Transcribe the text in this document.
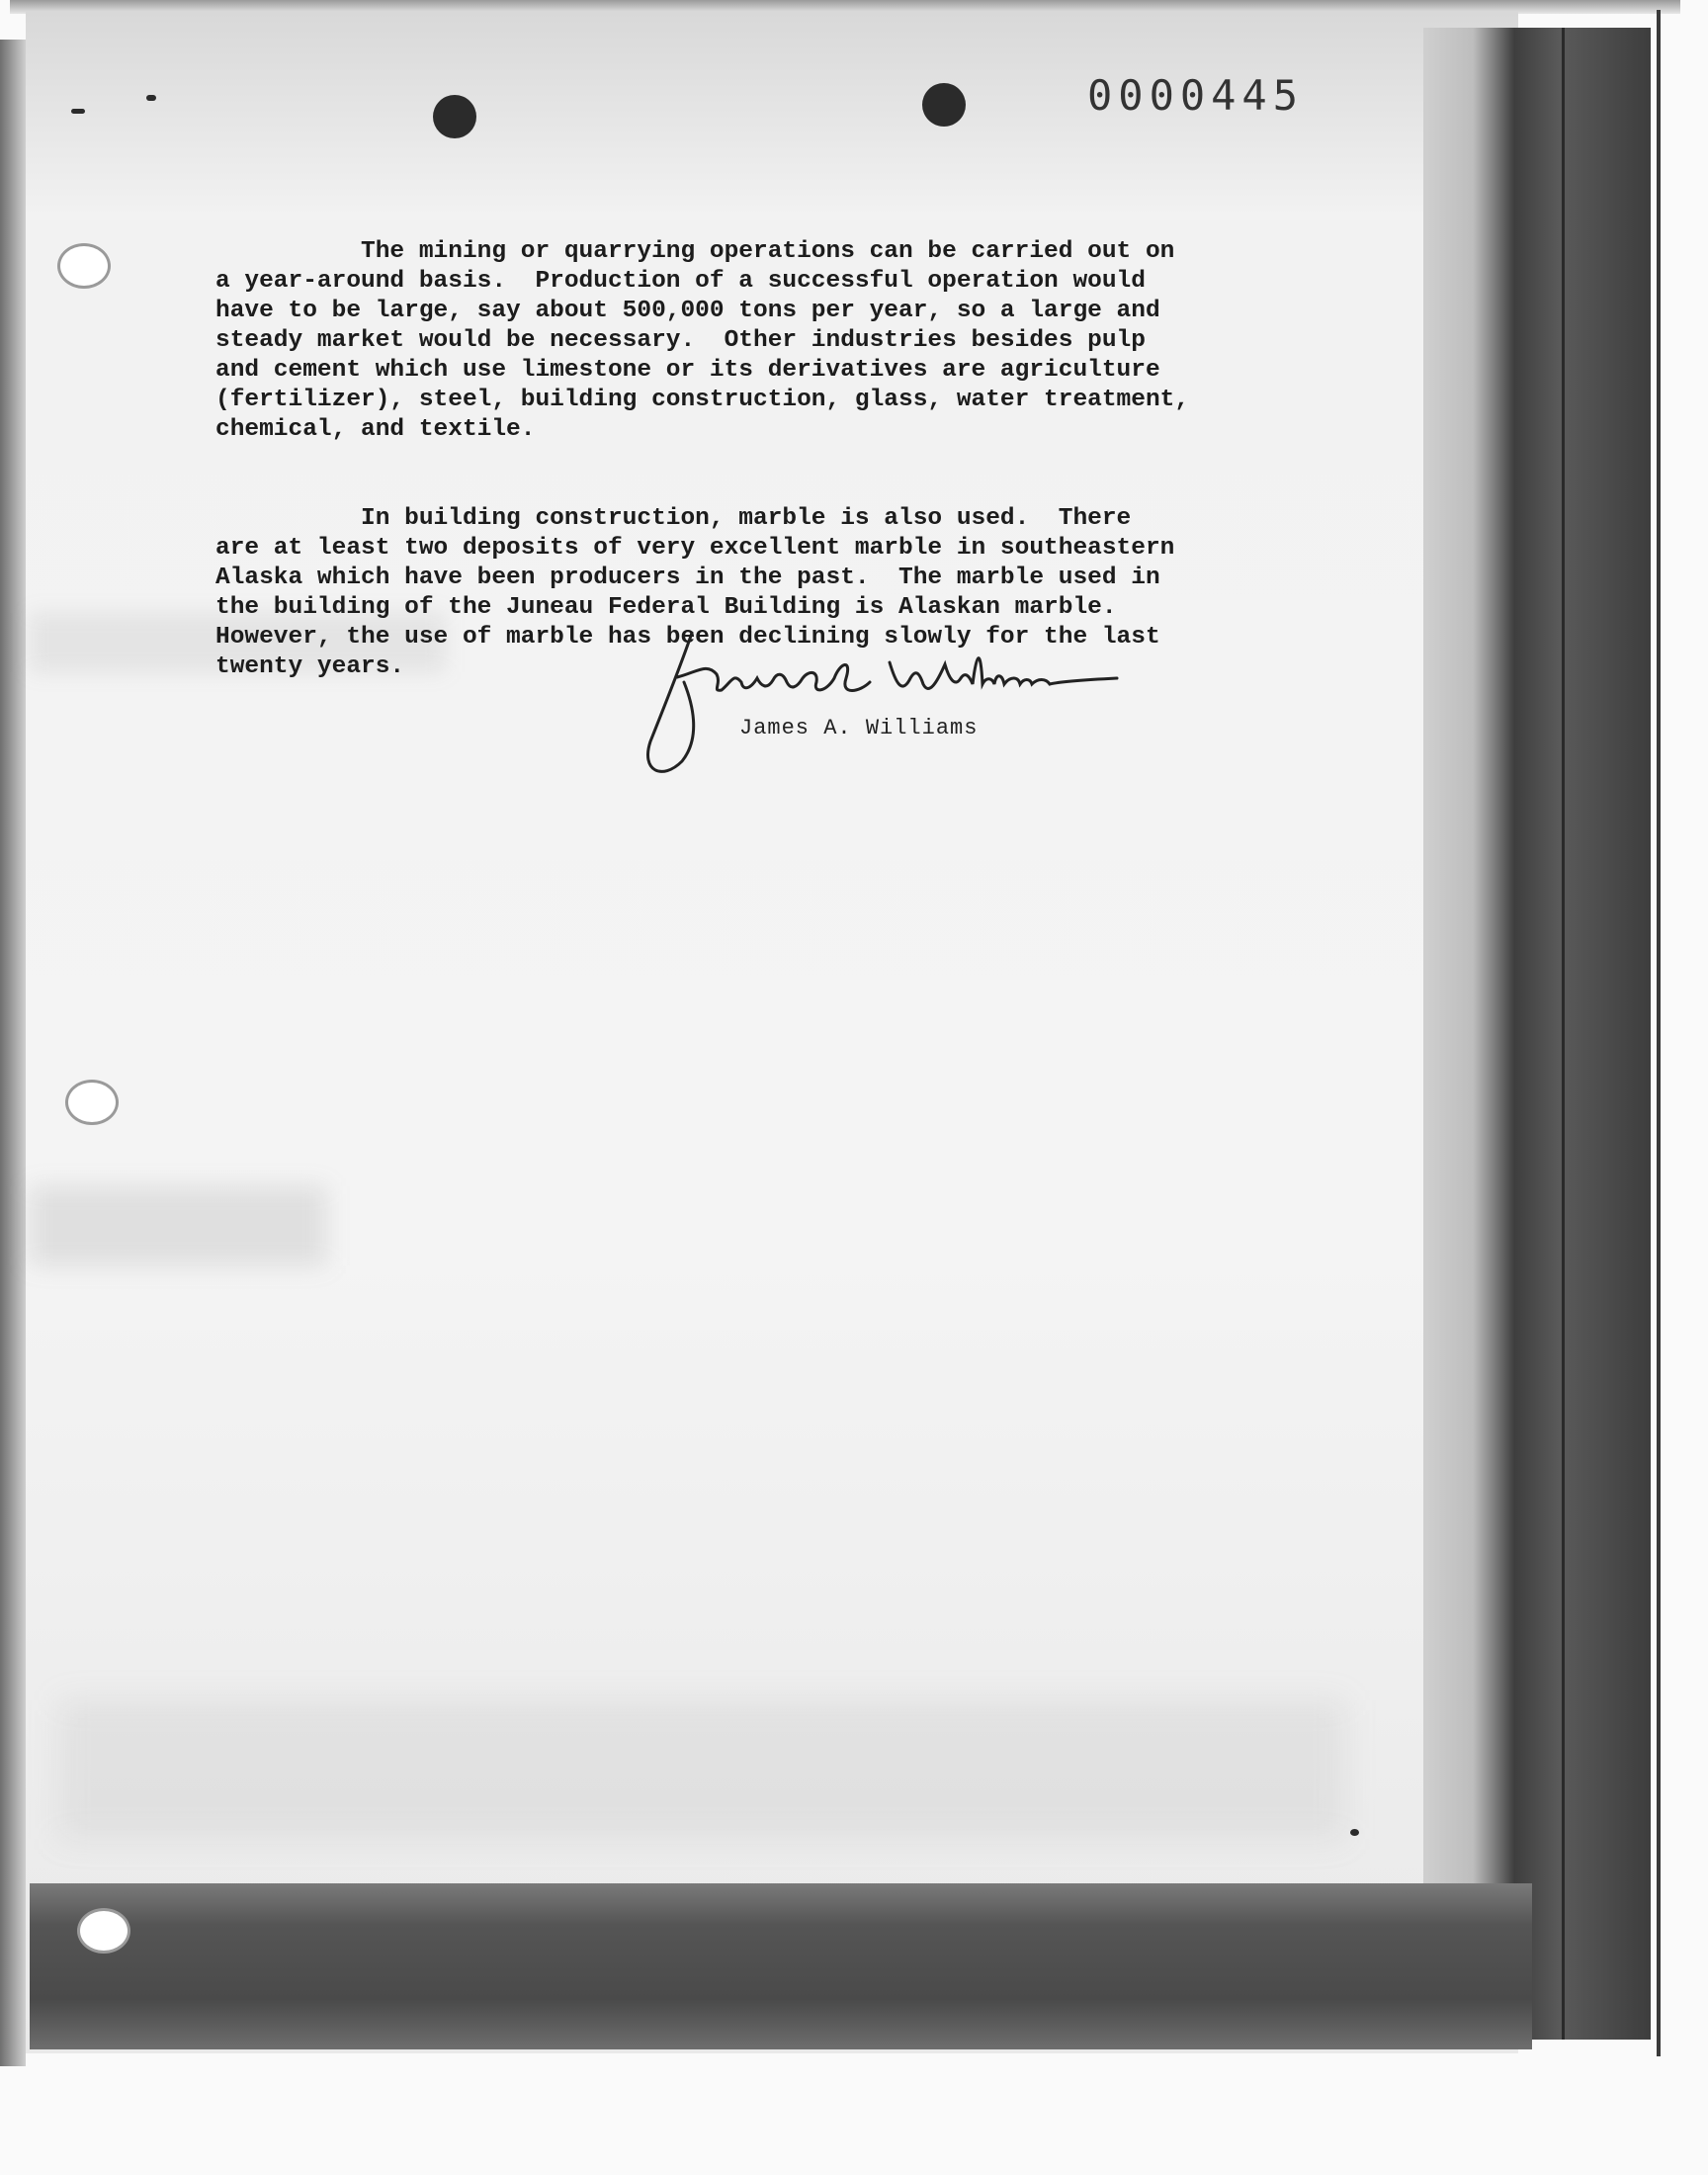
0000445

The mining or quarrying operations can be carried out on
a year-around basis.  Production of a successful operation would
have to be large, say about 500,000 tons per year, so a large and
steady market would be necessary.  Other industries besides pulp
and cement which use limestone or its derivatives are agriculture
(fertilizer), steel, building construction, glass, water treatment,
chemical, and textile.

In building construction, marble is also used.  There
are at least two deposits of very excellent marble in southeastern
Alaska which have been producers in the past.  The marble used in
the building of the Juneau Federal Building is Alaskan marble.
However, the use of marble has been declining slowly for the last
twenty years.

James A. Williams
